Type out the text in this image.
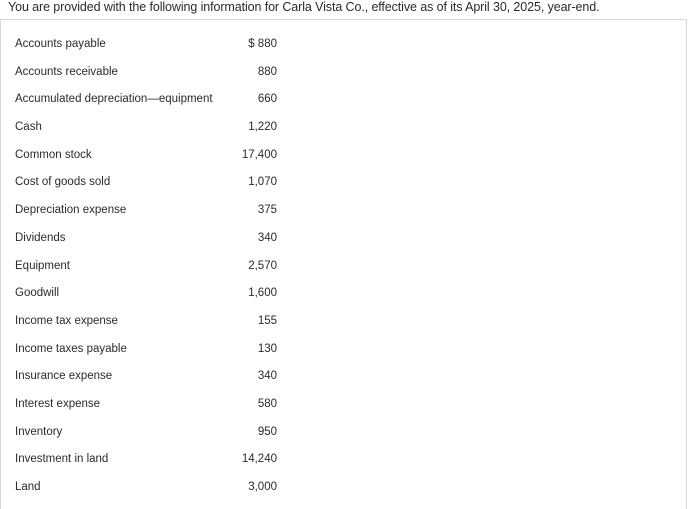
You are provided with the following information for Carla Vista Co., effective as of its April 30, 2025, year-end.
Accounts payable	$ 880
Accounts receivable	880
Accumulated depreciation—equipment	660
Cash	1,220
Common stock	17,400
Cost of goods sold	1,070
Depreciation expense	375
Dividends	340
Equipment	2,570
Goodwill	1,600
Income tax expense	155
Income taxes payable	130
Insurance expense	340
Interest expense	580
Inventory	950
Investment in land	14,240
Land	3,000
